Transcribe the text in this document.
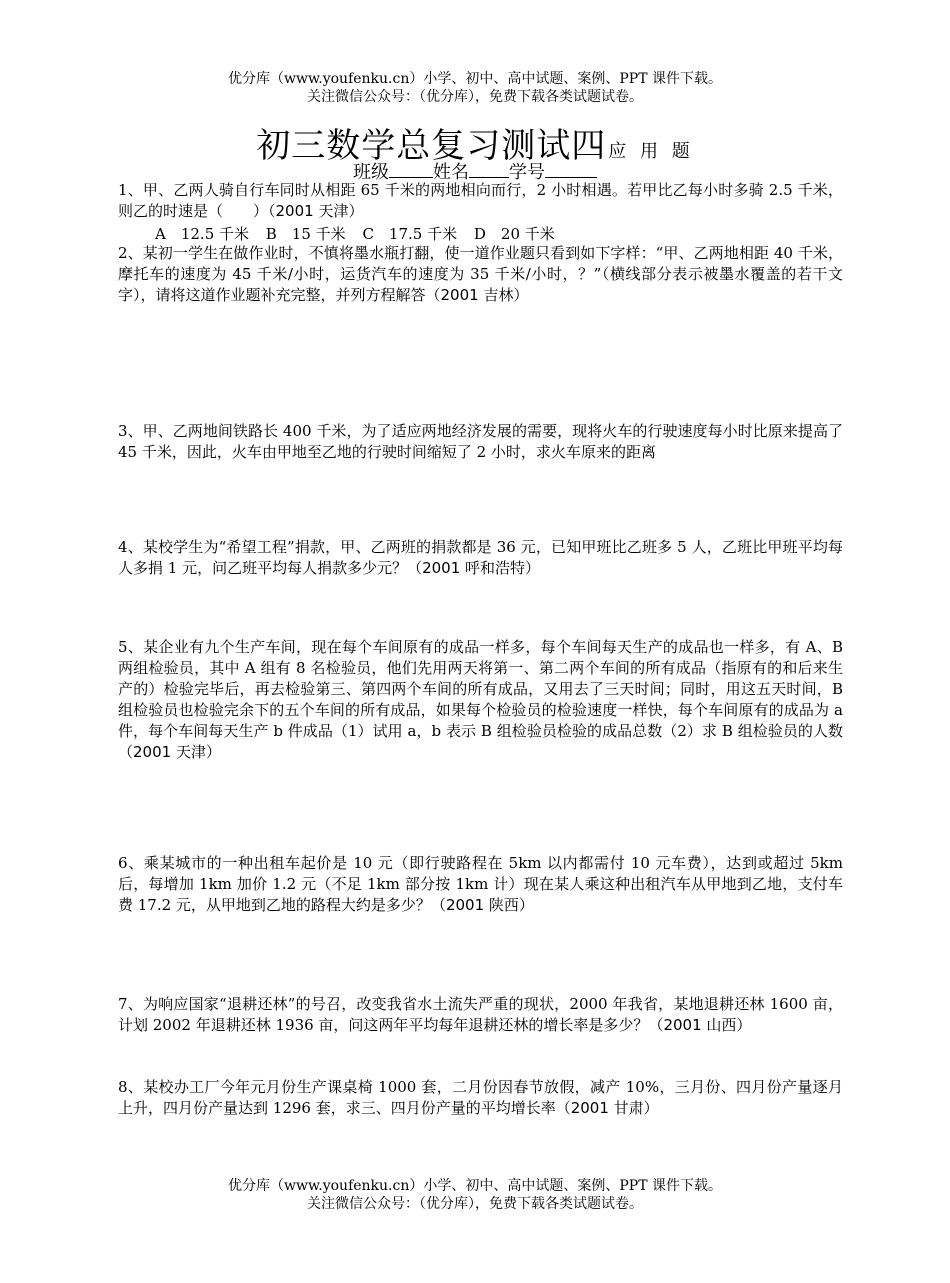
优分库（www.youfenku.cn）小学、初中、高中试题、案例、PPT 课件下载。
关注微信公众号：（优分库），免费下载各类试题试卷。
初三数学总复习测试四 应 用 题
班级 姓名 学号
1、甲、乙两人骑自行车同时从相距 65 千米的两地相向而行，2 小时相遇。若甲比乙每小时多骑 2.5 千米，则乙的时速是（　　）（2001 天津）
A　12.5 千米 B　15 千米 C　17.5 千米 D　20 千米
2、某初一学生在做作业时，不慎将墨水瓶打翻，使一道作业题只看到如下字样：“甲、乙两地相距 40 千米，摩托车的速度为 45 千米/小时，运货汽车的速度为 35 千米/小时，？”（横线部分表示被墨水覆盖的若干文字），请将这道作业题补充完整，并列方程解答（2001 吉林）
3、甲、乙两地间铁路长 400 千米，为了适应两地经济发展的需要，现将火车的行驶速度每小时比原来提高了 45 千米，因此，火车由甲地至乙地的行驶时间缩短了 2 小时，求火车原来的距离
4、某校学生为“希望工程”捐款，甲、乙两班的捐款都是 36 元，已知甲班比乙班多 5 人，乙班比甲班平均每人多捐 1 元，问乙班平均每人捐款多少元？（2001 呼和浩特）
5、某企业有九个生产车间，现在每个车间原有的成品一样多，每个车间每天生产的成品也一样多，有 A、B 两组检验员，其中 A 组有 8 名检验员，他们先用两天将第一、第二两个车间的所有成品（指原有的和后来生产的）检验完毕后，再去检验第三、第四两个车间的所有成品，又用去了三天时间；同时，用这五天时间，B 组检验员也检验完余下的五个车间的所有成品，如果每个检验员的检验速度一样快，每个车间原有的成品为 a 件，每个车间每天生产 b 件成品（1）试用 a，b 表示 B 组检验员检验的成品总数（2）求 B 组检验员的人数（2001 天津）
6、乘某城市的一种出租车起价是 10 元（即行驶路程在 5km 以内都需付 10 元车费），达到或超过 5km 后，每增加 1km 加价 1.2 元（不足 1km 部分按 1km 计）现在某人乘这种出租汽车从甲地到乙地，支付车费 17.2 元，从甲地到乙地的路程大约是多少？（2001 陕西）
7、为响应国家“退耕还林”的号召，改变我省水土流失严重的现状，2000 年我省，某地退耕还林 1600 亩，计划 2002 年退耕还林 1936 亩，问这两年平均每年退耕还林的增长率是多少？（2001 山西）
8、某校办工厂今年元月份生产课桌椅 1000 套，二月份因春节放假，减产 10%，三月份、四月份产量逐月上升，四月份产量达到 1296 套，求三、四月份产量的平均增长率（2001 甘肃）
优分库（www.youfenku.cn）小学、初中、高中试题、案例、PPT 课件下载。
关注微信公众号：（优分库），免费下载各类试题试卷。
